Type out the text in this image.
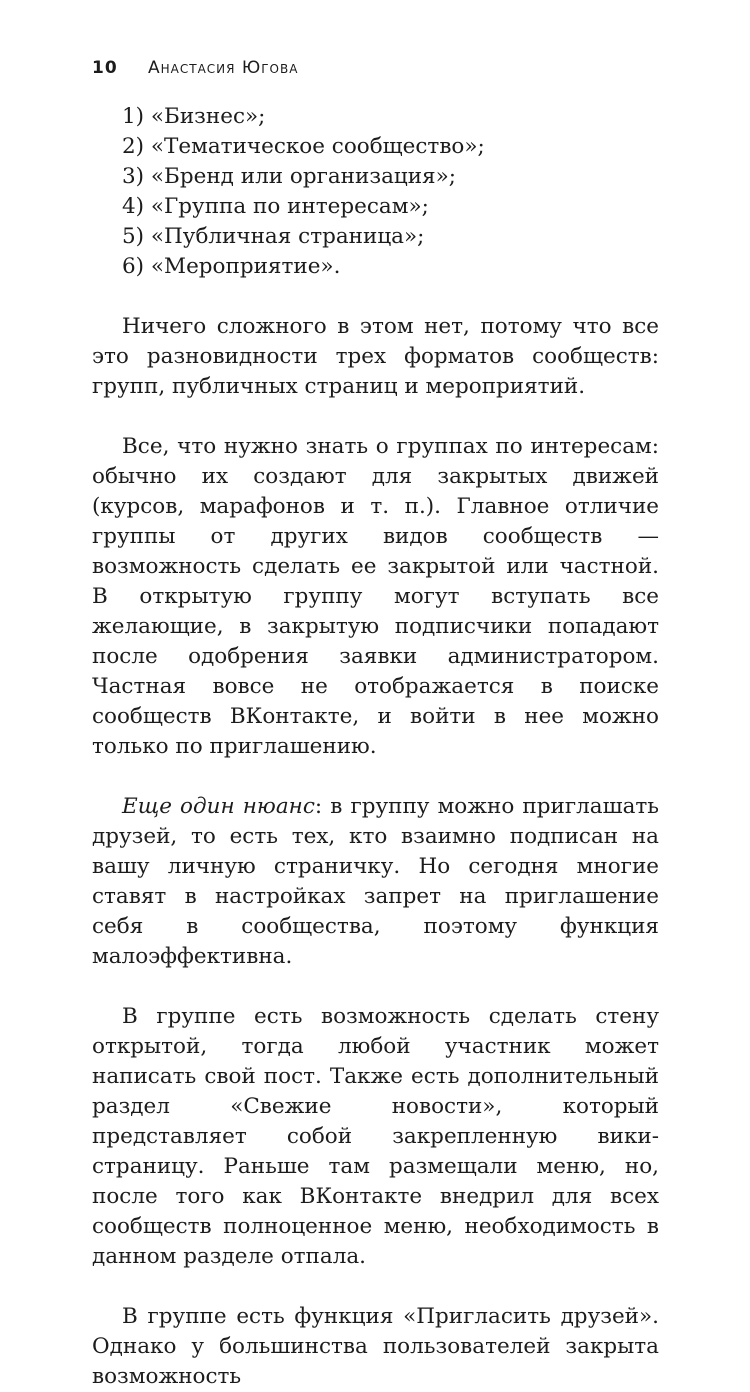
10	Анастасия Югова
1) «Бизнес»;
2) «Тематическое сообщество»;
3) «Бренд или организация»;
4) «Группа по интересам»;
5) «Публичная страница»;
6) «Мероприятие».

Ничего сложного в этом нет, потому что все это разновидности трех форматов сообществ: групп, публичных страниц и мероприятий.

Все, что нужно знать о группах по интересам: обычно их создают для закрытых движей (курсов, марафонов и т. п.). Главное отличие группы от других видов сообществ — возможность сделать ее закрытой или частной. В открытую группу могут вступать все желающие, в закрытую подписчики попадают после одобрения заявки администратором. Частная вовсе не отображается в поиске сообществ ВКонтакте, и войти в нее можно только по приглашению.

Еще один нюанс: в группу можно приглашать друзей, то есть тех, кто взаимно подписан на вашу личную страничку. Но сегодня многие ставят в настройках запрет на приглашение себя в сообщества, поэтому функция малоэффективна.

В группе есть возможность сделать стену открытой, тогда любой участник может написать свой пост. Также есть дополнительный раздел «Свежие новости», который представляет собой закрепленную вики-страницу. Раньше там размещали меню, но, после того как ВКонтакте внедрил для всех сообществ полноценное меню, необходимость в данном разделе отпала.

В группе есть функция «Пригласить друзей». Однако у большинства пользователей закрыта возможность
